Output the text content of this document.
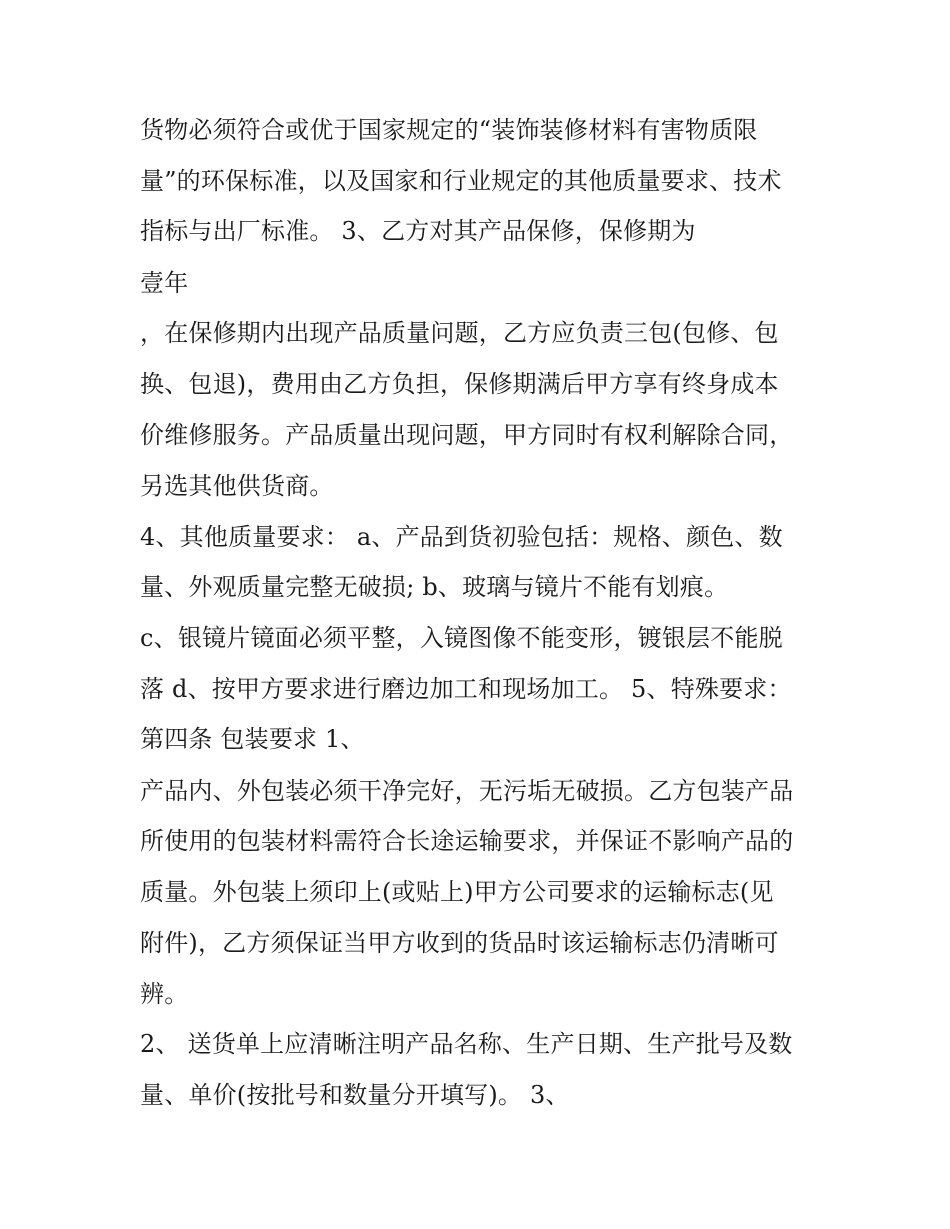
货物必须符合或优于国家规定的“装饰装修材料有害物质限
量”的环保标准，以及国家和行业规定的其他质量要求、技术
指标与出厂标准。 3、乙方对其产品保修，保修期为
壹年
，在保修期内出现产品质量问题，乙方应负责三包(包修、包
换、包退)，费用由乙方负担，保修期满后甲方享有终身成本
价维修服务。产品质量出现问题，甲方同时有权利解除合同，
另选其他供货商。
4、其他质量要求： a、产品到货初验包括：规格、颜色、数
量、外观质量完整无破损; b、玻璃与镜片不能有划痕。
c、银镜片镜面必须平整，入镜图像不能变形，镀银层不能脱
落 d、按甲方要求进行磨边加工和现场加工。 5、特殊要求：
第四条 包装要求 1、
产品内、外包装必须干净完好，无污垢无破损。乙方包装产品
所使用的包装材料需符合长途运输要求，并保证不影响产品的
质量。外包装上须印上(或贴上)甲方公司要求的运输标志(见
附件)，乙方须保证当甲方收到的货品时该运输标志仍清晰可
辨。
2、 送货单上应清晰注明产品名称、生产日期、生产批号及数
量、单价(按批号和数量分开填写)。 3、
